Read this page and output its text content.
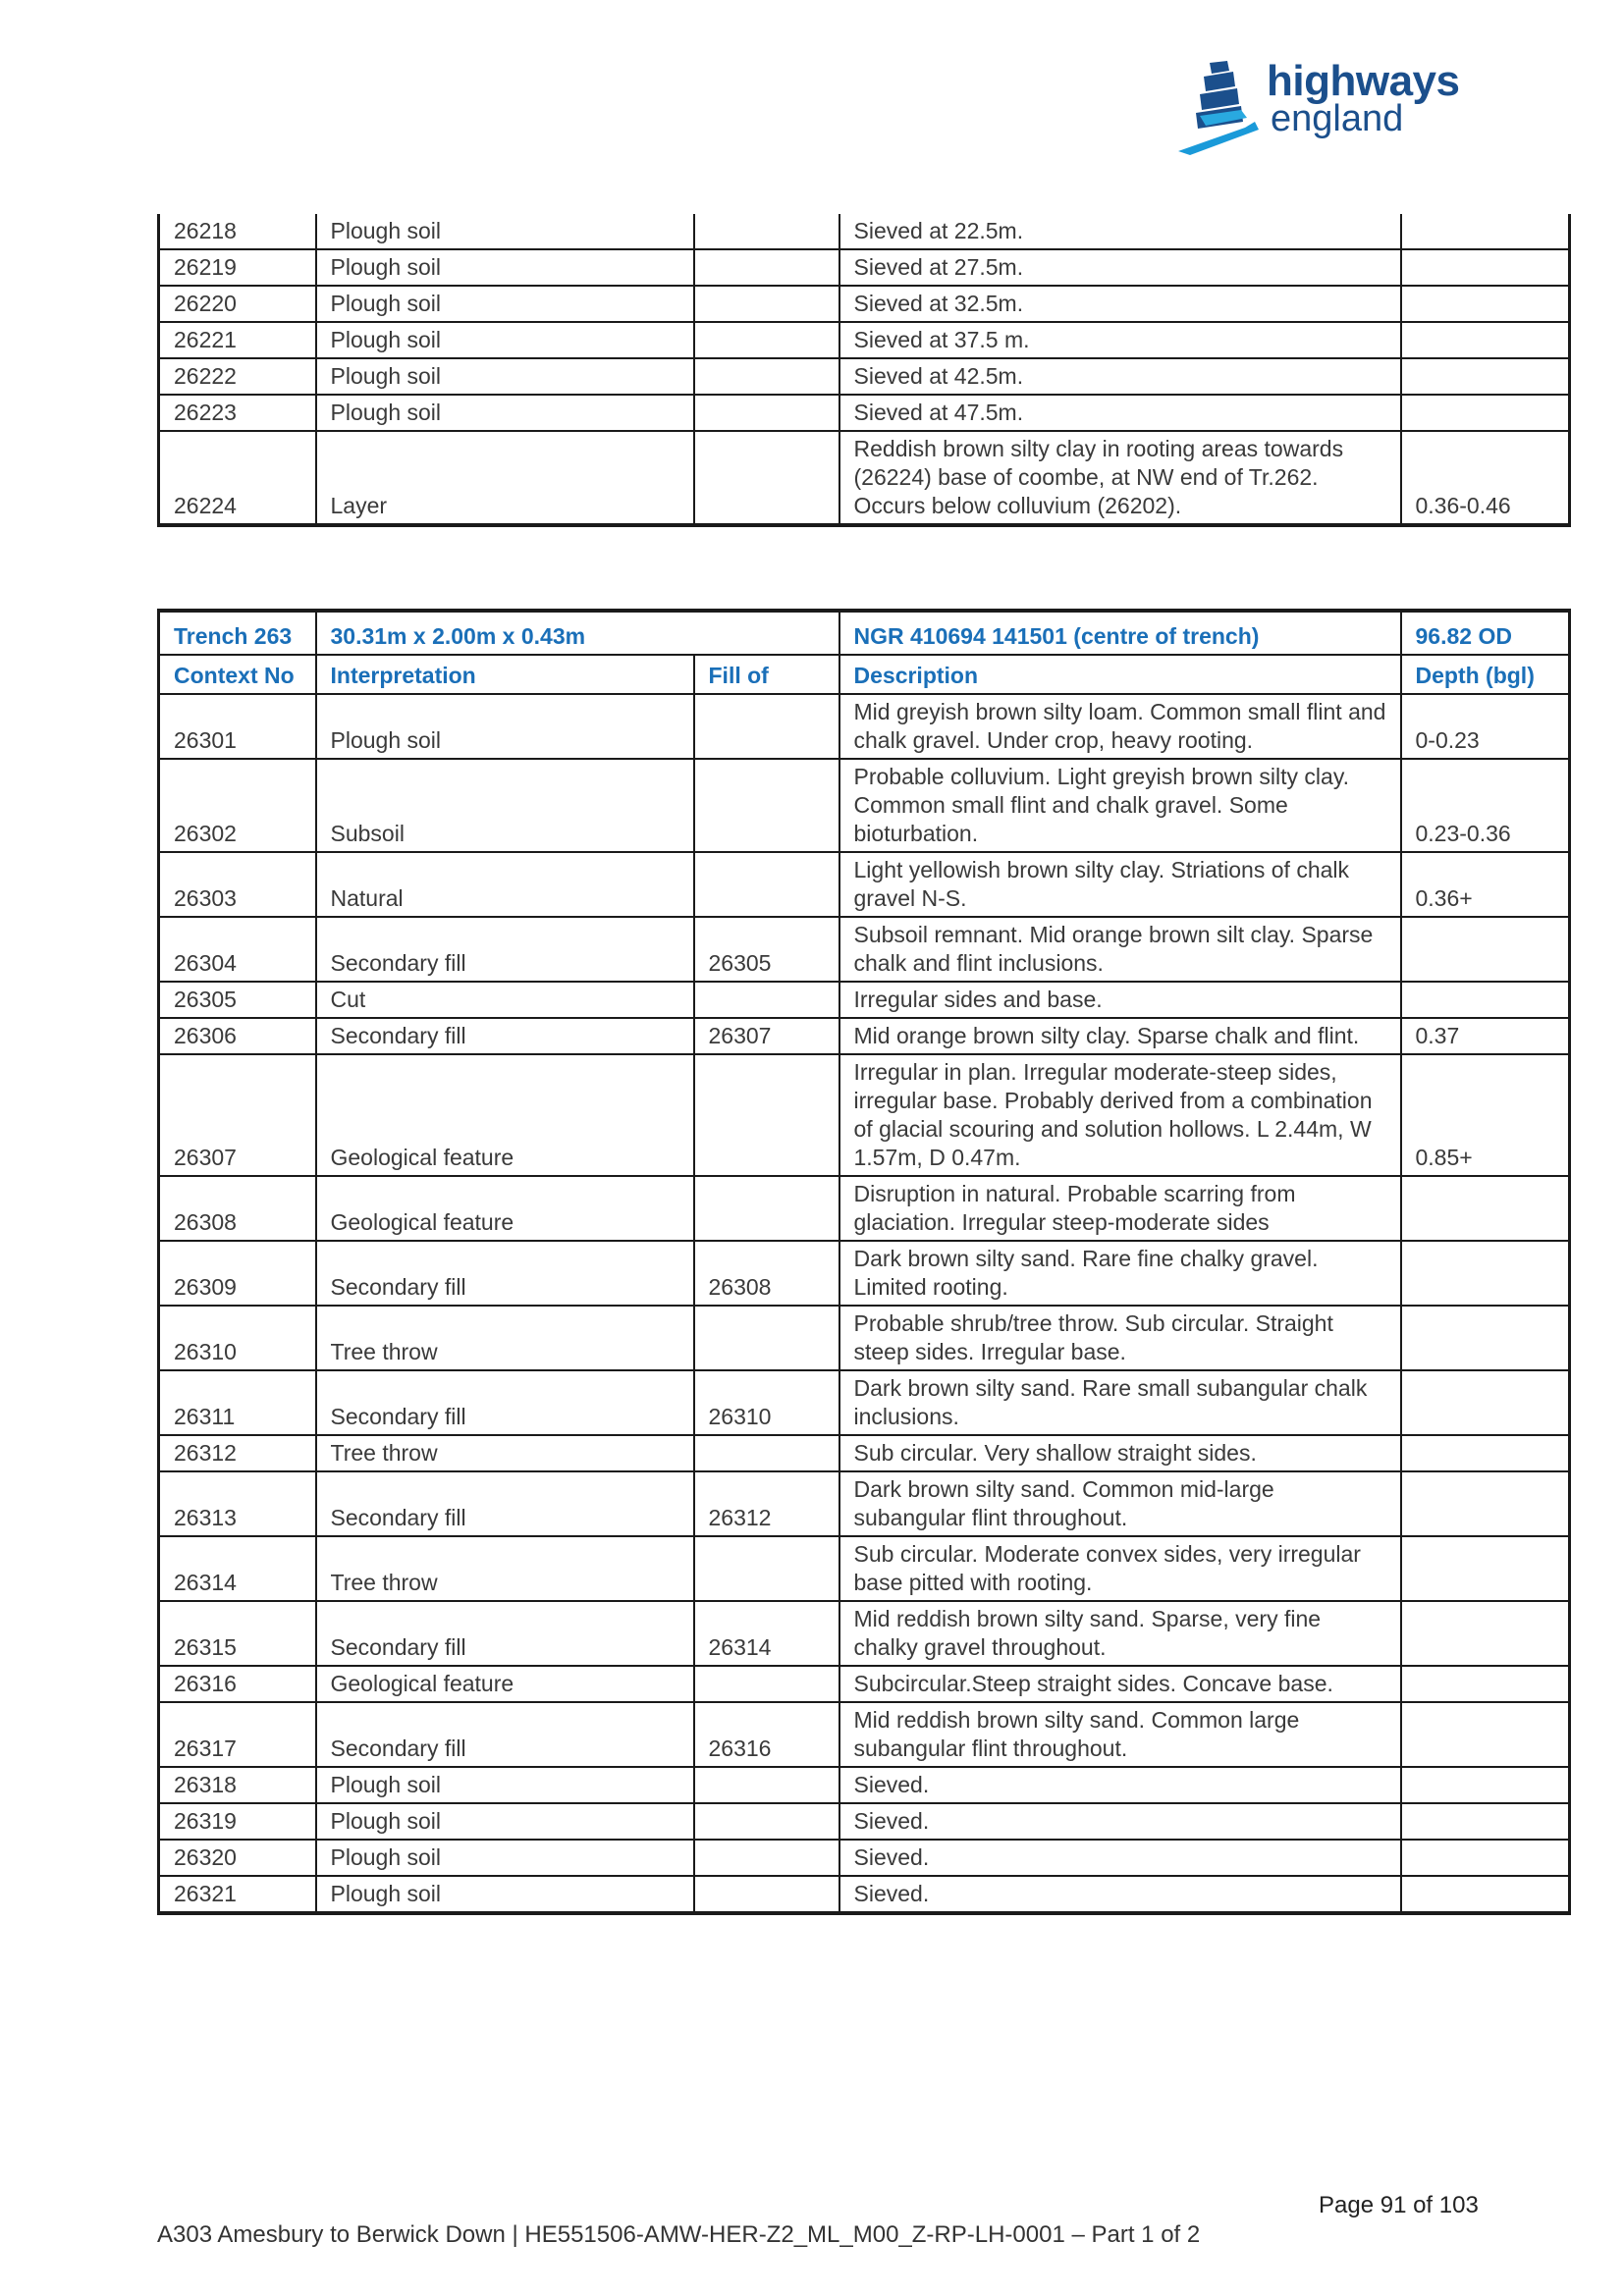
highways
england
26218	Plough soil		Sieved at 22.5m.	
26219	Plough soil		Sieved at 27.5m.	
26220	Plough soil		Sieved at 32.5m.	
26221	Plough soil		Sieved at 37.5 m.	
26222	Plough soil		Sieved at 42.5m.	
26223	Plough soil		Sieved at 47.5m.	
26224	Layer		Reddish brown silty clay in rooting areas towards (26224) base of coombe, at NW end of Tr.262. Occurs below colluvium (26202).	0.36-0.46
Trench 263	30.31m x 2.00m x 0.43m		NGR 410694 141501 (centre of trench)	96.82 OD
Context No	Interpretation	Fill of	Description	Depth (bgl)
26301	Plough soil		Mid greyish brown silty loam. Common small flint and chalk gravel. Under crop, heavy rooting.	0-0.23
26302	Subsoil		Probable colluvium. Light greyish brown silty clay. Common small flint and chalk gravel. Some bioturbation.	0.23-0.36
26303	Natural		Light yellowish brown silty clay. Striations of chalk gravel N-S.	0.36+
26304	Secondary fill	26305	Subsoil remnant. Mid orange brown silt clay. Sparse chalk and flint inclusions.	
26305	Cut		Irregular sides and base.	
26306	Secondary fill	26307	Mid orange brown silty clay. Sparse chalk and flint.	0.37
26307	Geological feature		Irregular in plan. Irregular moderate-steep sides, irregular base. Probably derived from a combination of glacial scouring and solution hollows. L 2.44m, W 1.57m, D 0.47m.	0.85+
26308	Geological feature		Disruption in natural. Probable scarring from glaciation. Irregular steep-moderate sides	
26309	Secondary fill	26308	Dark brown silty sand. Rare fine chalky gravel. Limited rooting.	
26310	Tree throw		Probable shrub/tree throw. Sub circular. Straight steep sides. Irregular base.	
26311	Secondary fill	26310	Dark brown silty sand. Rare small subangular chalk inclusions.	
26312	Tree throw		Sub circular. Very shallow straight sides.	
26313	Secondary fill	26312	Dark brown silty sand. Common mid-large subangular flint throughout.	
26314	Tree throw		Sub circular. Moderate convex sides, very irregular base pitted with rooting.	
26315	Secondary fill	26314	Mid reddish brown silty sand. Sparse, very fine chalky gravel throughout.	
26316	Geological feature		Subcircular.Steep straight sides. Concave base.	
26317	Secondary fill	26316	Mid reddish brown silty sand. Common large subangular flint throughout.	
26318	Plough soil		Sieved.	
26319	Plough soil		Sieved.	
26320	Plough soil		Sieved.	
26321	Plough soil		Sieved.	
Page 91 of 103
A303 Amesbury to Berwick Down | HE551506-AMW-HER-Z2_ML_M00_Z-RP-LH-0001 – Part 1 of 2
